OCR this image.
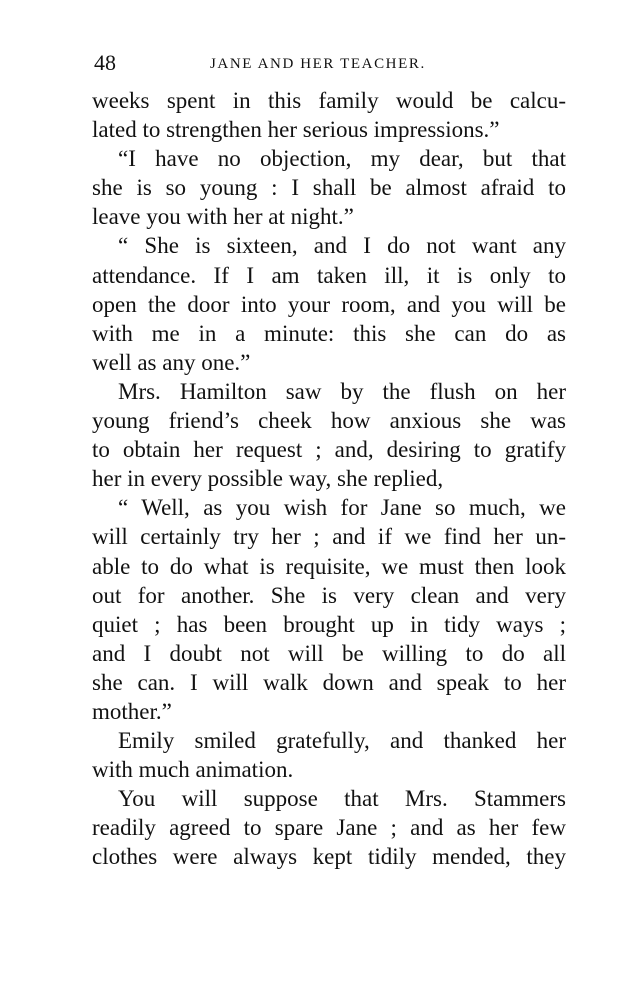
48	JANE AND HER TEACHER.
weeks spent in this family would be calcu-
lated to strengthen her serious impressions.”
“I have no objection, my dear, but that
she is so young : I shall be almost afraid to
leave you with her at night.”
“ She is sixteen, and I do not want any
attendance. If I am taken ill, it is only to
open the door into your room, and you will be
with me in a minute: this she can do as
well as any one.”
Mrs. Hamilton saw by the flush on her
young friend’s cheek how anxious she was
to obtain her request ; and, desiring to gratify
her in every possible way, she replied,
“ Well, as you wish for Jane so much, we
will certainly try her ; and if we find her un-
able to do what is requisite, we must then look
out for another. She is very clean and very
quiet ; has been brought up in tidy ways ;
and I doubt not will be willing to do all
she can. I will walk down and speak to her
mother.”
Emily smiled gratefully, and thanked her
with much animation.
You will suppose that Mrs. Stammers
readily agreed to spare Jane ; and as her few
clothes were always kept tidily mended, they
